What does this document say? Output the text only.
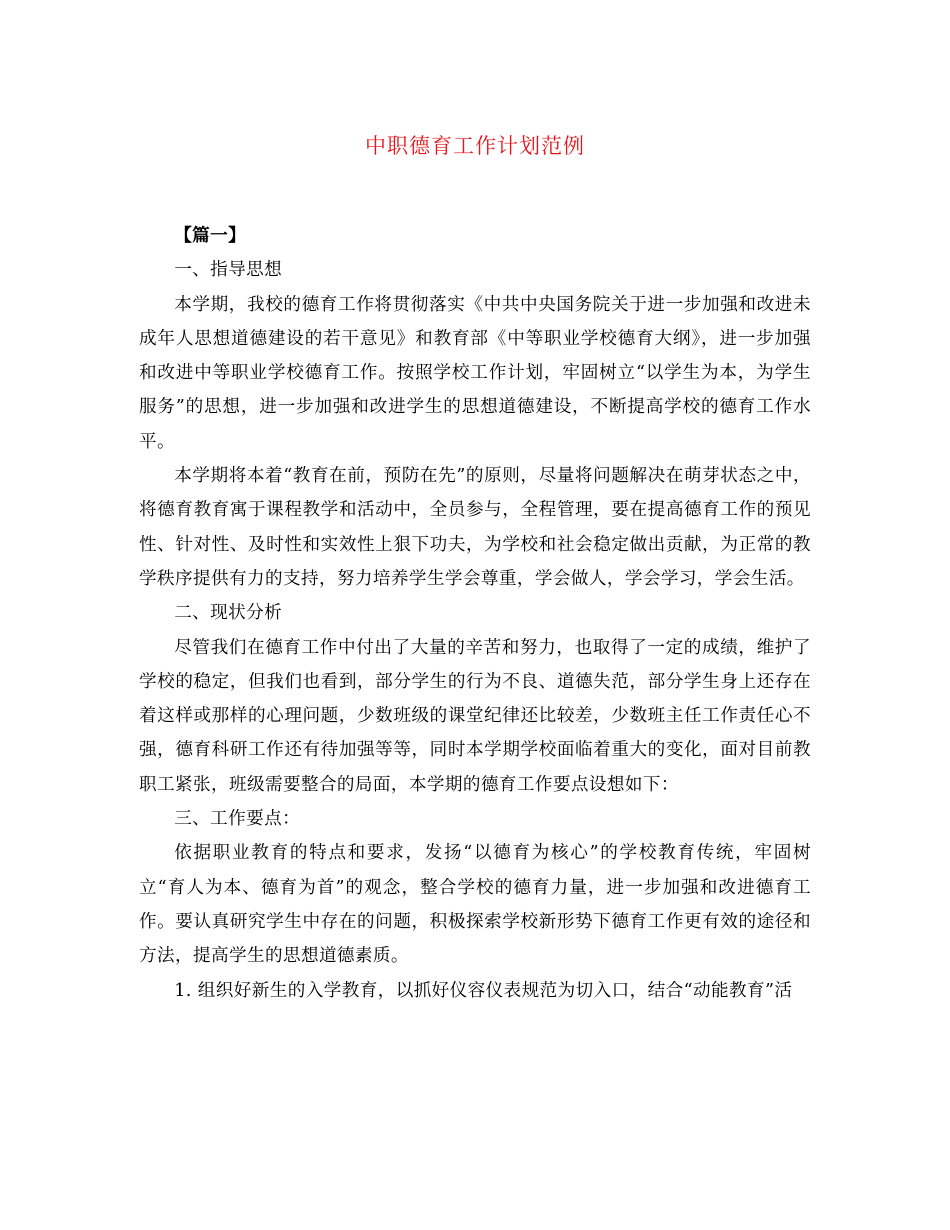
中职德育工作计划范例

【篇一】

一、指导思想

本学期，我校的德育工作将贯彻落实《中共中央国务院关于进一步加强和改进未成年人思想道德建设的若干意见》和教育部《中等职业学校德育大纲》，进一步加强和改进中等职业学校德育工作。按照学校工作计划，牢固树立“以学生为本，为学生服务”的思想，进一步加强和改进学生的思想道德建设，不断提高学校的德育工作水平。

本学期将本着“教育在前，预防在先”的原则，尽量将问题解决在萌芽状态之中，将德育教育寓于课程教学和活动中，全员参与，全程管理，要在提高德育工作的预见性、针对性、及时性和实效性上狠下功夫，为学校和社会稳定做出贡献，为正常的教学秩序提供有力的支持，努力培养学生学会尊重，学会做人，学会学习，学会生活。

二、现状分析

尽管我们在德育工作中付出了大量的辛苦和努力，也取得了一定的成绩，维护了学校的稳定，但我们也看到，部分学生的行为不良、道德失范，部分学生身上还存在着这样或那样的心理问题，少数班级的课堂纪律还比较差，少数班主任工作责任心不强，德育科研工作还有待加强等等，同时本学期学校面临着重大的变化，面对目前教职工紧张，班级需要整合的局面，本学期的德育工作要点设想如下：

三、工作要点：

依据职业教育的特点和要求，发扬“以德育为核心”的学校教育传统，牢固树立“育人为本、德育为首”的观念，整合学校的德育力量，进一步加强和改进德育工作。要认真研究学生中存在的问题，积极探索学校新形势下德育工作更有效的途径和方法，提高学生的思想道德素质。

1. 组织好新生的入学教育，以抓好仪容仪表规范为切入口，结合“动能教育”活
